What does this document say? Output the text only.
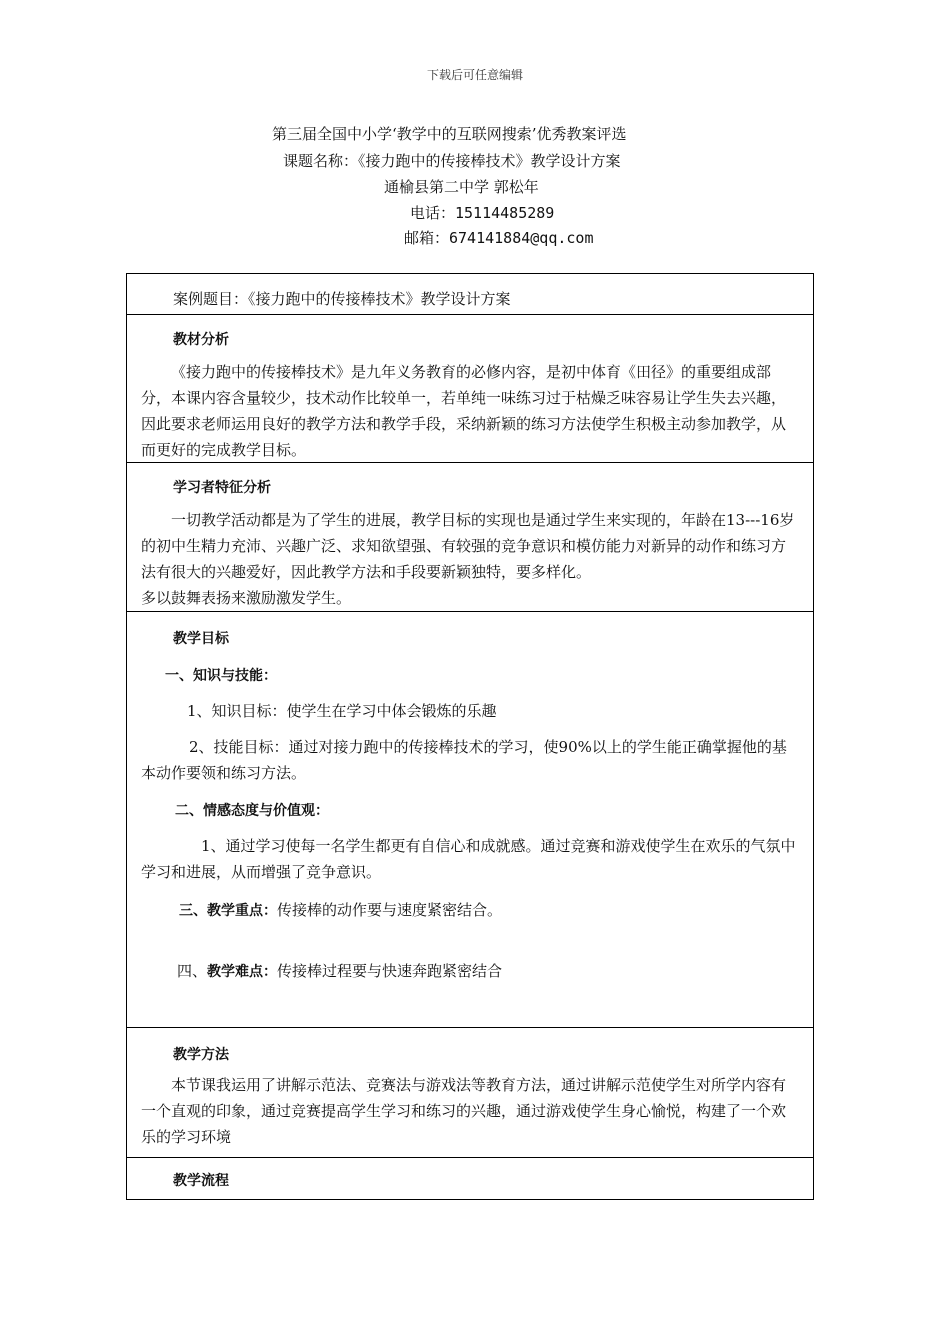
下载后可任意编辑
第三届全国中小学‘教学中的互联网搜索’优秀教案评选
课题名称：《接力跑中的传接棒技术》教学设计方案
通榆县第二中学 郭松年
电话：15114485289
邮箱：674141884@qq.com
案例题目：《接力跑中的传接棒技术》教学设计方案
教材分析
《接力跑中的传接棒技术》是九年义务教育的必修内容，是初中体育《田径》的重要组成部分，本课内容含量较少，技术动作比较单一，若单纯一味练习过于枯燥乏味容易让学生失去兴趣，因此要求老师运用良好的教学方法和教学手段，采纳新颖的练习方法使学生积极主动参加教学，从而更好的完成教学目标。
学习者特征分析
一切教学活动都是为了学生的进展，教学目标的实现也是通过学生来实现的，年龄在13---16岁的初中生精力充沛、兴趣广泛、求知欲望强、有较强的竞争意识和模仿能力对新异的动作和练习方法有很大的兴趣爱好，因此教学方法和手段要新颖独特，要多样化。
多以鼓舞表扬来激励激发学生。
教学目标
一、知识与技能：
1、知识目标：使学生在学习中体会锻炼的乐趣
2、技能目标：通过对接力跑中的传接棒技术的学习，使90%以上的学生能正确掌握他的基本动作要领和练习方法。
二、情感态度与价值观：
1、通过学习使每一名学生都更有自信心和成就感。通过竞赛和游戏使学生在欢乐的气氛中学习和进展，从而增强了竞争意识。
三、教学重点：传接棒的动作要与速度紧密结合。
四、教学难点：传接棒过程要与快速奔跑紧密结合
教学方法
本节课我运用了讲解示范法、竞赛法与游戏法等教育方法，通过讲解示范使学生对所学内容有一个直观的印象，通过竞赛提高学生学习和练习的兴趣，通过游戏使学生身心愉悦，构建了一个欢乐的学习环境
教学流程
